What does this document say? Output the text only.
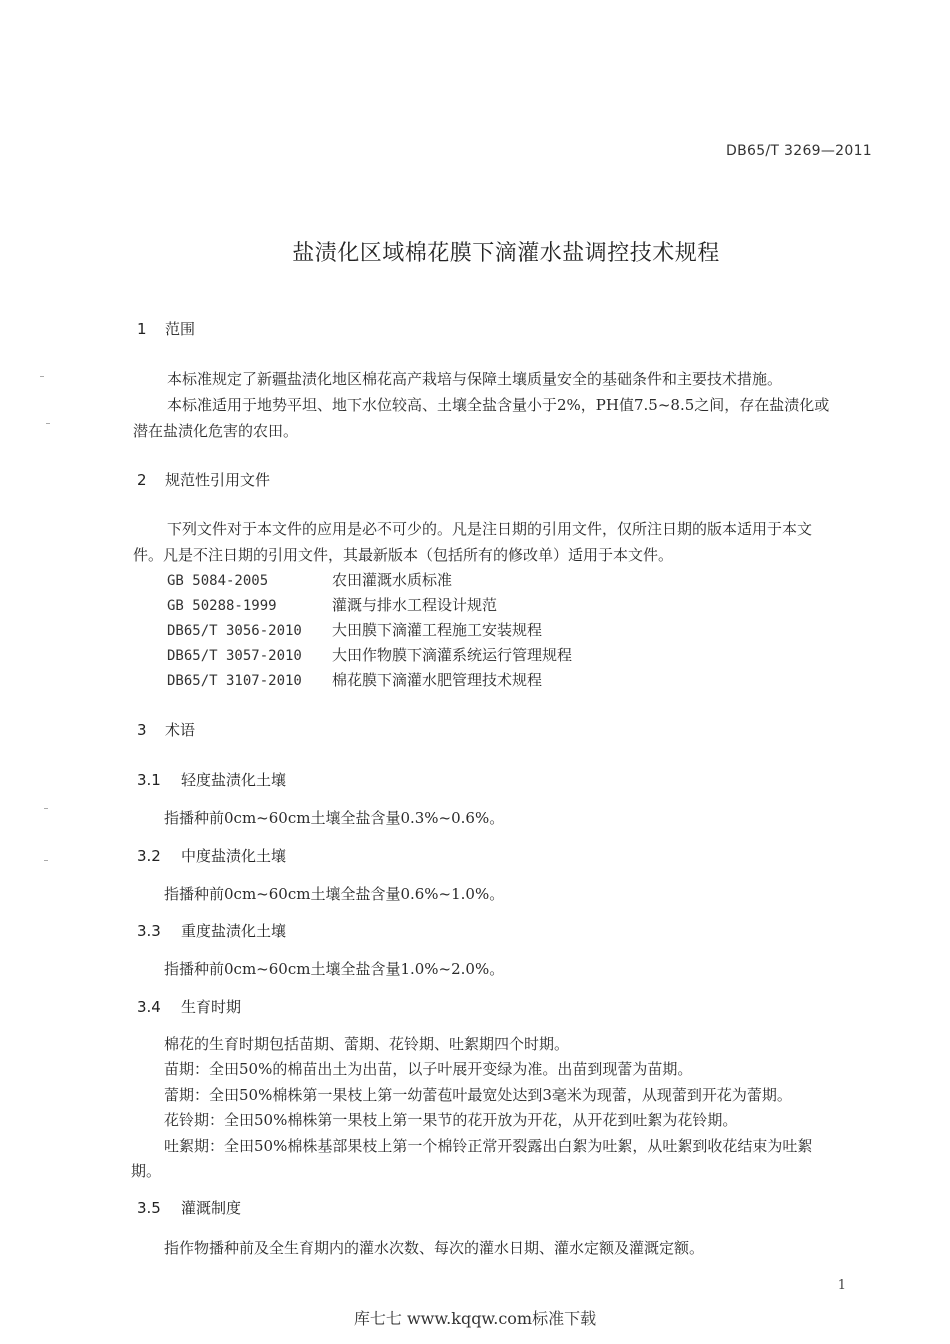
DB65/T 3269—2011
盐渍化区域棉花膜下滴灌水盐调控技术规程
1 范围
本标准规定了新疆盐渍化地区棉花高产栽培与保障土壤质量安全的基础条件和主要技术措施。
本标准适用于地势平坦、地下水位较高、土壤全盐含量小于2%，PH值7.5~8.5之间，存在盐渍化或
潜在盐渍化危害的农田。
2 规范性引用文件
下列文件对于本文件的应用是必不可少的。凡是注日期的引用文件，仅所注日期的版本适用于本文
件。凡是不注日期的引用文件，其最新版本（包括所有的修改单）适用于本文件。
GB 5084-2005	农田灌溉水质标准
GB 50288-1999	灌溉与排水工程设计规范
DB65/T 3056-2010 大田膜下滴灌工程施工安装规程
DB65/T 3057-2010 大田作物膜下滴灌系统运行管理规程
DB65/T 3107-2010 棉花膜下滴灌水肥管理技术规程
3 术语
3.1 轻度盐渍化土壤
指播种前0cm~60cm土壤全盐含量0.3%~0.6%。
3.2 中度盐渍化土壤
指播种前0cm~60cm土壤全盐含量0.6%~1.0%。
3.3 重度盐渍化土壤
指播种前0cm~60cm土壤全盐含量1.0%~2.0%。
3.4 生育时期
棉花的生育时期包括苗期、蕾期、花铃期、吐絮期四个时期。
苗期：全田50%的棉苗出土为出苗，以子叶展开变绿为准。出苗到现蕾为苗期。
蕾期：全田50%棉株第一果枝上第一幼蕾苞叶最宽处达到3毫米为现蕾，从现蕾到开花为蕾期。
花铃期：全田50%棉株第一果枝上第一果节的花开放为开花，从开花到吐絮为花铃期。
吐絮期：全田50%棉株基部果枝上第一个棉铃正常开裂露出白絮为吐絮，从吐絮到收花结束为吐絮
期。
3.5 灌溉制度
指作物播种前及全生育期内的灌水次数、每次的灌水日期、灌水定额及灌溉定额。
1
库七七 www.kqqw.com标准下载
